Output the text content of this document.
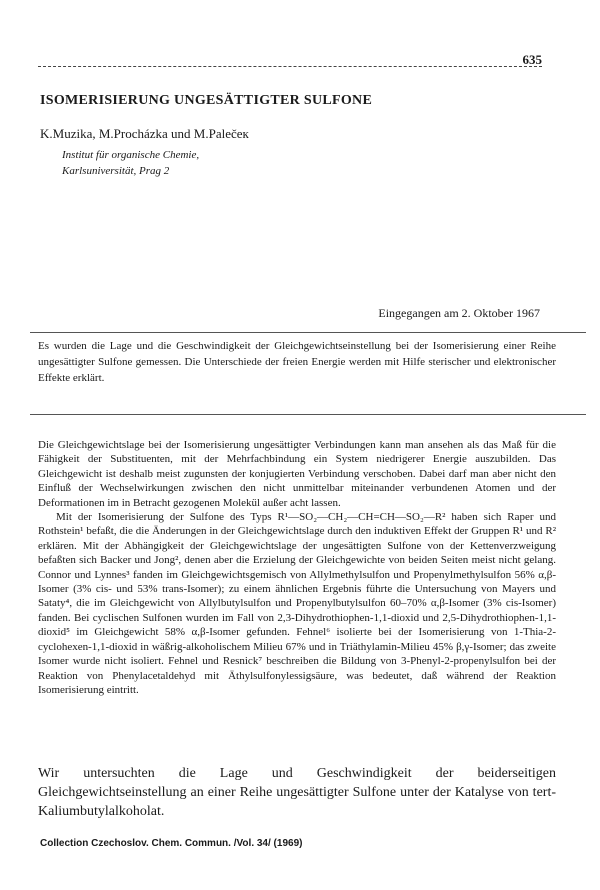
635
ISOMERISIERUNG UNGESÄTTIGTER SULFONE
K.Muzika, M.Procházka und M.Palečeк
Institut für organische Chemie,
Karlsuniversität, Prag 2
Eingegangen am 2. Oktober 1967
Es wurden die Lage und die Geschwindigkeit der Gleichgewichtseinstellung bei der Isomerisierung einer Reihe ungesättigter Sulfone gemessen. Die Unterschiede der freien Energie werden mit Hilfe sterischer und elektronischer Effekte erklärt.

Die Gleichgewichtslage bei der Isomerisierung ungesättigter Verbindungen kann man ansehen als das Maß für die Fähigkeit der Substituenten, mit der Mehrfachbindung ein System niedrigerer Energie auszubilden. Das Gleichgewicht ist deshalb meist zugunsten der konjugierten Verbindung verschoben. Dabei darf man aber nicht den Einfluß der Wechselwirkungen zwischen den nicht unmittelbar miteinander verbundenen Atomen und der Deformationen im in Betracht gezogenen Molekül außer acht lassen.

Mit der Isomerisierung der Sulfone des Typs R¹—SO₂—CH₂—CH=CH—SO₂—R² haben sich Raper und Rothstein¹ befaßt, die die Änderungen in der Gleichgewichtslage durch den induktiven Effekt der Gruppen R¹ und R² erklären. Mit der Abhängigkeit der Gleichgewichtslage der ungesättigten Sulfone von der Kettenverzweigung befaßten sich Backer und Jong², denen aber die Erzielung der Gleichgewichte von beiden Seiten meist nicht gelang. Connor und Lynnes³ fanden im Gleichgewichtsgemisch von Allylmethylsulfon und Propenylmethylsulfon 56% α,β-Isomer (3% cis- und 53% trans-Isomer); zu einem ähnlichen Ergebnis führte die Untersuchung von Mayers und Sataty⁴, die im Gleichgewicht von Allylbutylsulfon und Propenylbutylsulfon 60–70% α,β-Isomer (3% cis-Isomer) fanden. Bei cyclischen Sulfonen wurden im Fall von 2,3-Dihydrothiophen-1,1-dioxid und 2,5-Dihydrothiophen-1,1-dioxid⁵ im Gleichgewicht 58% α,β-Isomer gefunden. Fehnel⁶ isolierte bei der Isomerisierung von 1-Thia-2-cyclohexen-1,1-dioxid in wäßrig-alkoholischem Milieu 67% und in Triäthylamin-Milieu 45% β,γ-Isomer; das zweite Isomer wurde nicht isoliert. Fehnel und Resnick⁷ beschreiben die Bildung von 3-Phenyl-2-propenylsulfon bei der Reaktion von Phenylacetaldehyd mit Äthylsulfonylessigsäure, was bedeutet, daß während der Reaktion Isomerisierung eintritt.

Wir untersuchten die Lage und Geschwindigkeit der beiderseitigen Gleichgewichtseinstellung an einer Reihe ungesättigter Sulfone unter der Katalyse von tert-Kaliumbutylalkoholat.
Collection Czechoslov. Chem. Commun. /Vol. 34/ (1969)
